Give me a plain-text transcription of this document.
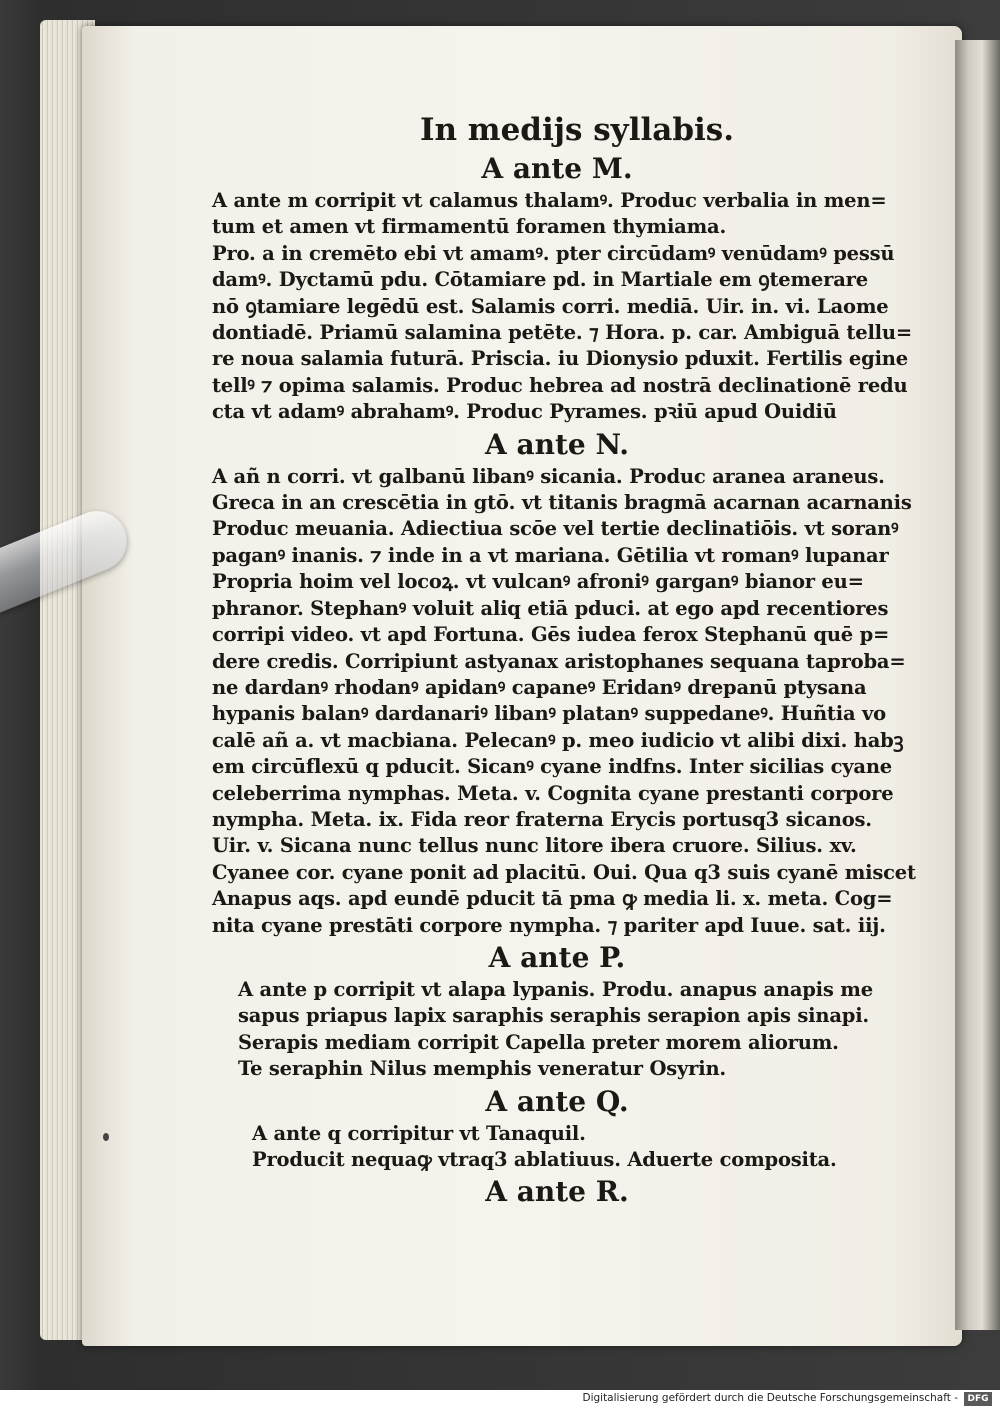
In medijs syllabis.
A ante M.
A ante m corripit vt calamus thalamꝰ. Produc verbalia in men=
tum et amen vt firmamentū foramen thymiama.
Pro. a in cremēto ebi vt amamꝰ. pter circūdamꝰ venūdamꝰ pessū
damꝰ. Dyctamū pdu. Cōtamiare pd. in Martiale em ꝯtemerare
nō ꝯtamiare legēdū est. Salamis corri. mediā. Uir. in. vi. Laome
dontiadē. Priamū salamina petēte. ⁊ Hora. p. car. Ambiguā tellu=
re noua salamia futurā. Priscia. iu Dionysio pduxit. Fertilis egine
tellꝰ ⁊ opima salamis. Produc hebrea ad nostrā declinationē redu
cta vt adamꝰ abrahamꝰ. Produc Pyrames. pꝛiū apud Ouidiū
A ante N.
A añ n corri. vt galbanū libanꝰ sicania. Produc aranea araneus.
Greca in an crescētia in gtō. vt titanis bragmā acarnan acarnanis
Produc meuania. Adiectiua scōe vel tertie declinatiōis. vt soranꝰ
paganꝰ inanis. ⁊ inde in a vt mariana. Gētilia vt romanꝰ lupanar
Propria hoim vel locoꝝ. vt vulcanꝰ afroniꝰ garganꝰ bianor eu=
phranor. Stephanꝰ voluit aliq etiā pduci. at ego apd recentiores
corripi video. vt apd Fortuna. Gēs iudea ferox Stephanū quē p=
dere credis. Corripiunt astyanax aristophanes sequana taproba=
ne dardanꝰ rhodanꝰ apidanꝰ capaneꝰ Eridanꝰ drepanū ptysana
hypanis balanꝰ dardanariꝰ libanꝰ platanꝰ suppedaneꝰ. Huñtia vo
calē añ a. vt macbiana. Pelecanꝰ p. meo iudicio vt alibi dixi. habꝫ
em circūflexū q pducit. Sicanꝰ cyane indfns. Inter sicilias cyane
celeberrima nymphas. Meta. v. Cognita cyane prestanti corpore
nympha. Meta. ix. Fida reor fraterna Erycis portusq3 sicanos.
Uir. v. Sicana nunc tellus nunc litore ibera cruore. Silius. xv.
Cyanee cor. cyane ponit ad placitū. Oui. Qua q3 suis cyanē miscet
Anapus aqs. apd eundē pducit tā pma ꝙ media li. x. meta. Cog=
nita cyane prestāti corpore nympha. ⁊ pariter apd Iuue. sat. iij.
A ante P.
A ante p corripit vt alapa lypanis. Produ. anapus anapis me
sapus priapus lapix saraphis seraphis serapion apis sinapi.
Serapis mediam corripit Capella preter morem aliorum.
Te seraphin Nilus memphis veneratur Osyrin.
A ante Q.
A ante q corripitur vt Tanaquil.
Producit nequaꝙ vtraq3 ablatiuus. Aduerte composita.
A ante R.
Digitalisierung gefördert durch die Deutsche Forschungsgemeinschaft -	DFG
